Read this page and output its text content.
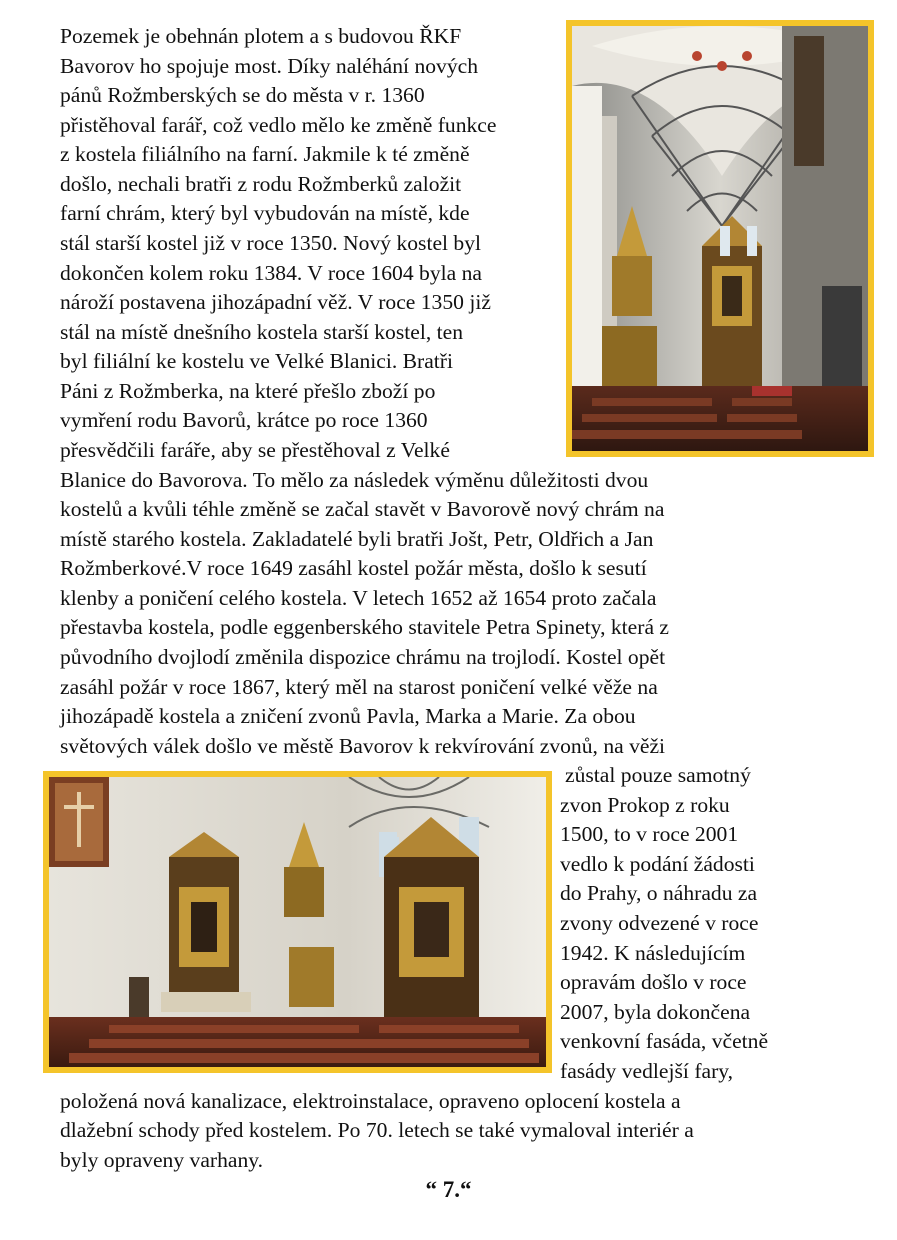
Pozemek je obehnán plotem a s budovou ŘKF

Bavorov ho spojuje most. Díky naléhání nových

pánů Rožmberských se do města v r. 1360

přistěhoval farář, což vedlo mělo ke změně funkce

z kostela filiálního na farní. Jakmile k té změně

došlo, nechali bratři z rodu Rožmberků založit

farní chrám, který byl vybudován na místě, kde

stál starší kostel již v roce 1350. Nový kostel byl

dokončen kolem roku 1384. V roce 1604 byla na

nároží postavena jihozápadní věž. V roce 1350 již

stál na místě dnešního kostela starší kostel, ten

byl filiální ke kostelu ve Velké Blanici. Bratři

Páni z Rožmberka, na které přešlo zboží po

vymření rodu Bavorů, krátce po roce 1360

přesvědčili faráře, aby se přestěhoval z Velké

Blanice do Bavorova. To mělo za následek výměnu důležitosti dvou

kostelů a kvůli téhle změně se začal stavět v Bavorově nový chrám na

místě starého kostela. Zakladatelé byli bratři Jošt, Petr, Oldřich a Jan

Rožmberkové.V roce 1649 zasáhl kostel požár města, došlo k sesutí

klenby a poničení celého kostela. V letech 1652 až 1654 proto začala

přestavba kostela, podle eggenberského stavitele Petra Spinety, která z

původního dvojlodí změnila dispozice chrámu na trojlodí. Kostel opět

zasáhl požár v roce 1867, který měl na starost poničení velké věže na

jihozápadě kostela a zničení zvonů Pavla, Marka a Marie. Za obou

světových válek došlo ve městě Bavorov k rekvírování zvonů, na věži

zůstal pouze samotný

zvon Prokop z roku

1500, to v roce 2001

vedlo k podání žádosti

do Prahy, o náhradu za

zvony odvezené v roce

1942. K následujícím

opravám došlo v roce

2007, byla dokončena

venkovní fasáda, včetně

fasády vedlejší fary,

položená nová kanalizace, elektroinstalace, opraveno oplocení kostela a

dlažební schody před kostelem. Po 70. letech se také vymaloval interiér a

byly opraveny varhany.

“ 7.“
